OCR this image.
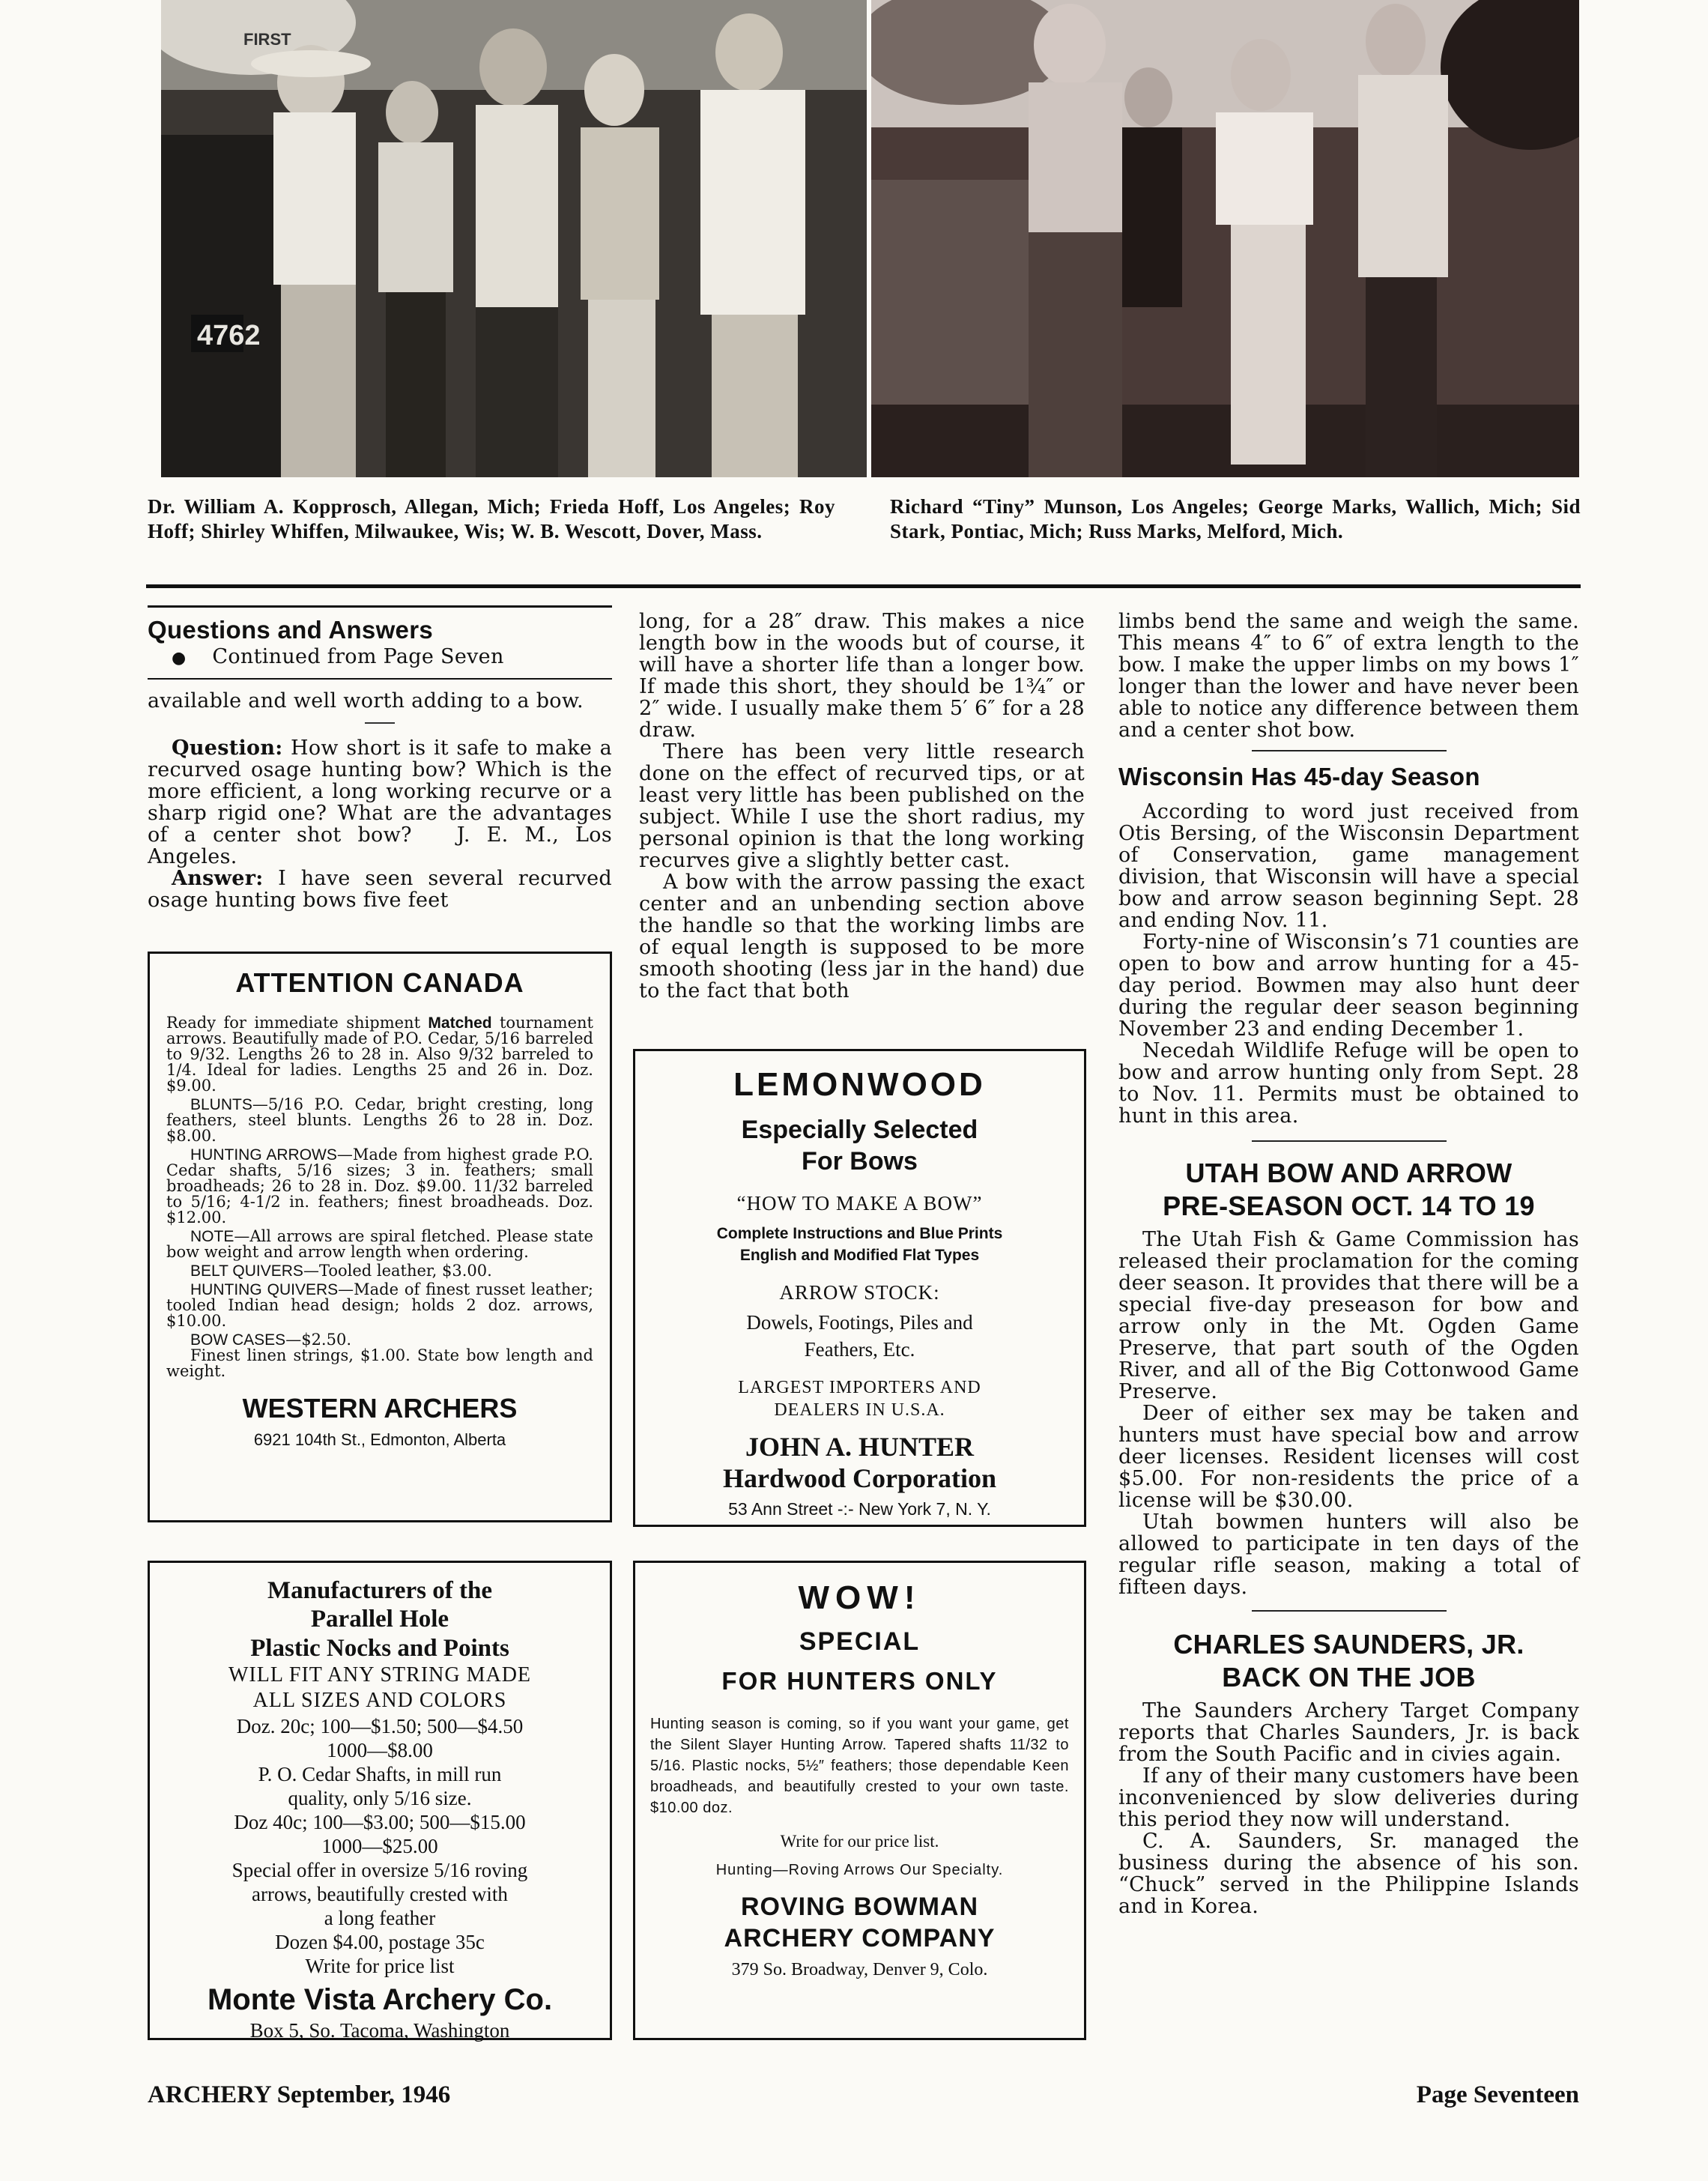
4762
FIRST
Dr. William A. Kopprosch, Allegan, Mich; Frieda Hoff, Los Angeles; Roy Hoff; Shirley Whiffen, Milwaukee, Wis; W. B. Wescott, Dover, Mass.
Richard “Tiny” Munson, Los Angeles; George Marks, Wallich, Mich; Sid Stark, Pontiac, Mich; Russ Marks, Melford, Mich.
Questions and Answers
● Continued from Page Seven

available and well worth adding to a bow.

Question: How short is it safe to make a recurved osage hunting bow? Which is the more efficient, a long working recurve or a sharp rigid one? What are the advantages of a center shot bow? J. E. M., Los Angeles.

Answer: I have seen several recurved osage hunting bows five feet

long, for a 28″ draw. This makes a nice length bow in the woods but of course, it will have a shorter life than a longer bow. If made this short, they should be 1¾″ or 2″ wide. I usually make them 5′ 6″ for a 28 draw.

There has been very little research done on the effect of recurved tips, or at least very little has been published on the subject. While I use the short radius, my personal opinion is that the long working recurves give a slightly better cast.

A bow with the arrow passing the exact center and an unbending section above the handle so that the working limbs are of equal length is supposed to be more smooth shooting (less jar in the hand) due to the fact that both

limbs bend the same and weigh the same. This means 4″ to 6″ of extra length to the bow. I make the upper limbs on my bows 1″ longer than the lower and have never been able to notice any difference between them and a center shot bow.

Wisconsin Has 45-day Season

According to word just received from Otis Bersing, of the Wisconsin Department of Conservation, game management division, that Wisconsin will have a special bow and arrow season beginning Sept. 28 and ending Nov. 11.

Forty-nine of Wisconsin’s 71 counties are open to bow and arrow hunting for a 45-day period. Bowmen may also hunt deer during the regular deer season beginning November 23 and ending December 1.

Necedah Wildlife Refuge will be open to bow and arrow hunting only from Sept. 28 to Nov. 11. Permits must be obtained to hunt in this area.

UTAH BOW AND ARROW
PRE-SEASON OCT. 14 TO 19

The Utah Fish & Game Commission has released their proclamation for the coming deer season. It provides that there will be a special five-day preseason for bow and arrow only in the Mt. Ogden Game Preserve, that part south of the Ogden River, and all of the Big Cottonwood Game Preserve.

Deer of either sex may be taken and hunters must have special bow and arrow deer licenses. Resident licenses will cost $5.00. For non-residents the price of a license will be $30.00.

Utah bowmen hunters will also be allowed to participate in ten days of the regular rifle season, making a total of fifteen days.

CHARLES SAUNDERS, JR.
BACK ON THE JOB

The Saunders Archery Target Company reports that Charles Saunders, Jr. is back from the South Pacific and in civies again.

If any of their many customers have been inconvenienced by slow deliveries during this period they now will understand.

C. A. Saunders, Sr. managed the business during the absence of his son. “Chuck” served in the Philippine Islands and in Korea.

ATTENTION CANADA
Ready for immediate shipment Matched tournament arrows. Beautifully made of P.O. Cedar, 5/16 barreled to 9/32. Lengths 26 to 28 in. Also 9/32 barreled to 1/4. Ideal for ladies. Lengths 25 and 26 in. Doz. $9.00.
BLUNTS—5/16 P.O. Cedar, bright cresting, long feathers, steel blunts. Lengths 26 to 28 in. Doz. $8.00.
HUNTING ARROWS—Made from highest grade P.O. Cedar shafts, 5/16 sizes; 3 in. feathers; small broadheads; 26 to 28 in. Doz. $9.00. 11/32 barreled to 5/16; 4-1/2 in. feathers; finest broadheads. Doz. $12.00.
NOTE—All arrows are spiral fletched. Please state bow weight and arrow length when ordering.
BELT QUIVERS—Tooled leather, $3.00.
HUNTING QUIVERS—Made of finest russet leather; tooled Indian head design; holds 2 doz. arrows, $10.00.
BOW CASES—$2.50.
Finest linen strings, $1.00. State bow length and weight.
WESTERN ARCHERS
6921 104th St., Edmonton, Alberta
LEMONWOOD
Especially Selected
For Bows
“HOW TO MAKE A BOW”
Complete Instructions and Blue Prints
English and Modified Flat Types
ARROW STOCK:
Dowels, Footings, Piles and
Feathers, Etc.
LARGEST IMPORTERS AND
DEALERS IN U.S.A.
JOHN A. HUNTER
Hardwood Corporation
53 Ann Street -:- New York 7, N. Y.
Manufacturers of the
Parallel Hole
Plastic Nocks and Points
WILL FIT ANY STRING MADE
ALL SIZES AND COLORS
Doz. 20c; 100—$1.50; 500—$4.50
1000—$8.00
P. O. Cedar Shafts, in mill run
quality, only 5/16 size.
Doz 40c; 100—$3.00; 500—$15.00
1000—$25.00
Special offer in oversize 5/16 roving
arrows, beautifully crested with
a long feather
Dozen $4.00, postage 35c
Write for price list
Monte Vista Archery Co.
Box 5, So. Tacoma, Washington
WOW!
SPECIAL
FOR HUNTERS ONLY
Hunting season is coming, so if you want your game, get the Silent Slayer Hunting Arrow. Tapered shafts 11/32 to 5/16. Plastic nocks, 5½″ feathers; those dependable Keen broadheads, and beautifully crested to your own taste. $10.00 doz.
Write for our price list.
Hunting—Roving Arrows Our Specialty.
ROVING BOWMAN
ARCHERY COMPANY
379 So. Broadway, Denver 9, Colo.
ARCHERY September, 1946	Page Seventeen
